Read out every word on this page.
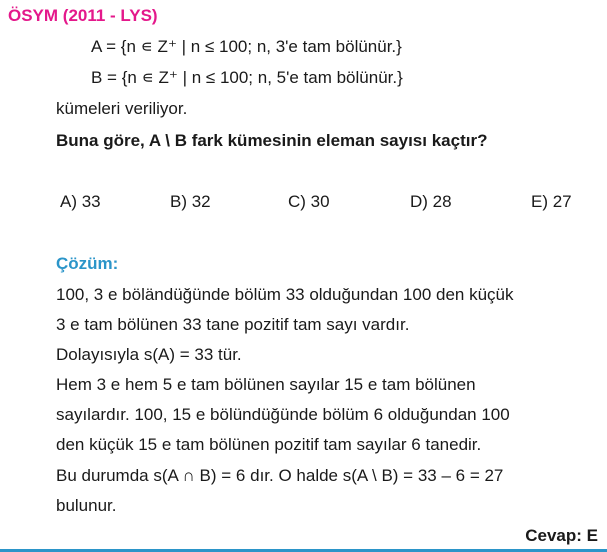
ÖSYM (2011 - LYS)
A = {n ∊ Z⁺ | n ≤ 100; n, 3'e tam bölünür.}
B = {n ∊ Z⁺ | n ≤ 100; n, 5'e tam bölünür.}
kümeleri veriliyor.
Buna göre, A \ B fark kümesinin eleman sayısı kaçtır?
A) 33	B) 32	C) 30	D) 28	E) 27
Çözüm:
100, 3 e böländüğünde bölüm 33 olduğundan 100 den küçük
3 e tam bölünen 33 tane pozitif tam sayı vardır.
Dolayısıyla s(A) = 33 tür.
Hem 3 e hem 5 e tam bölünen sayılar 15 e tam bölünen
sayılardır. 100, 15 e bölündüğünde bölüm 6 olduğundan 100
den küçük 15 e tam bölünen pozitif tam sayılar 6 tanedir.
Bu durumda s(A ∩ B) = 6 dır. O halde s(A \ B) = 33 – 6 = 27
bulunur.
Cevap: E
